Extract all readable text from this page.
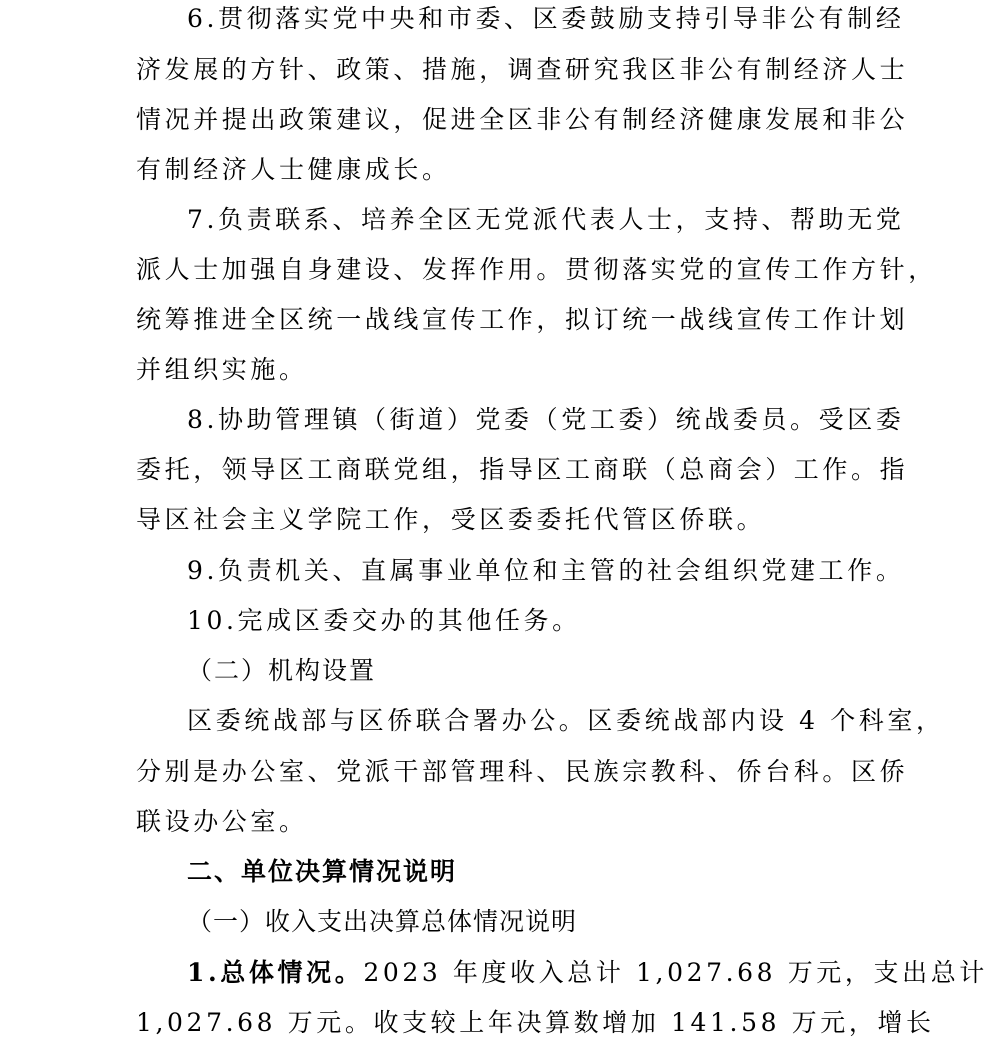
6.贯彻落实党中央和市委、区委鼓励支持引导非公有制经
济发展的方针、政策、措施，调查研究我区非公有制经济人士
情况并提出政策建议，促进全区非公有制经济健康发展和非公
有制经济人士健康成长。
7.负责联系、培养全区无党派代表人士，支持、帮助无党
派人士加强自身建设、发挥作用。贯彻落实党的宣传工作方针，
统筹推进全区统一战线宣传工作，拟订统一战线宣传工作计划
并组织实施。
8.协助管理镇（街道）党委（党工委）统战委员。受区委
委托，领导区工商联党组，指导区工商联（总商会）工作。指
导区社会主义学院工作，受区委委托代管区侨联。
9.负责机关、直属事业单位和主管的社会组织党建工作。
10.完成区委交办的其他任务。
（二）机构设置
区委统战部与区侨联合署办公。区委统战部内设 4 个科室，
分别是办公室、党派干部管理科、民族宗教科、侨台科。区侨
联设办公室。
二、单位决算情况说明
（一）收入支出决算总体情况说明
1.总体情况。2023 年度收入总计 1,027.68 万元，支出总计
1,027.68 万元。收支较上年决算数增加 141.58 万元，增长
